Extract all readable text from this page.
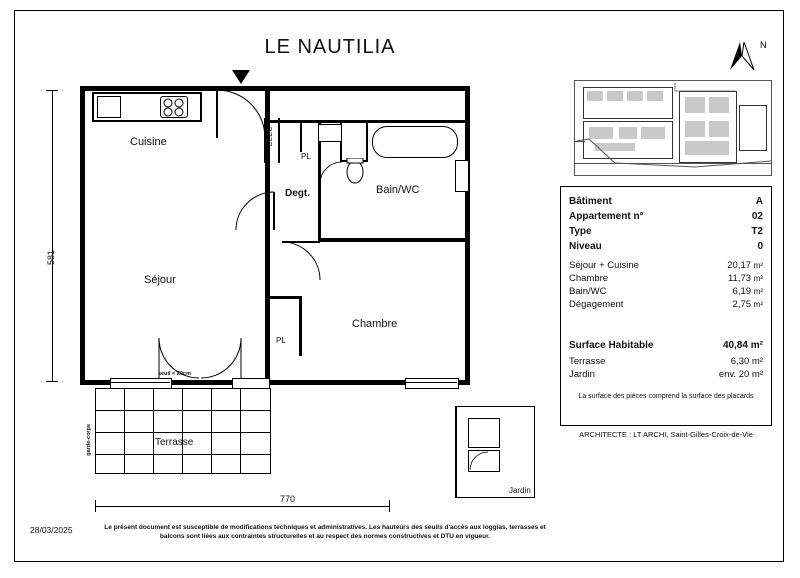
LE NAUTILIA	N
Bâtiment	A
Appartement n°	02
Type	T2
Niveau	0
Séjour + Cuisine	20,17 m²
Chambre	11,73 m²
Bain/WC	6,19 m²
Dégagement	2,75 m²
Surface Habitable	40,84 m²
Terrasse	6,30 m²
Jardin	env. 20 m²
La surface des pièces comprend la surface des placards
ARCHITECTE : LT ARCHI, Saint-Gilles-Croix-de-Vie
ELEC
PL
PL
seuil < 20cm
Terrasse
garde-corps
Jardin
Cuisine
Séjour
Degt.	Bain/WC
Chambre
581
770
28/03/2025	Le présent document est susceptible de modifications techniques et administratives. Les hauteurs des seuils d'accès aux loggias, terrasses et balcons sont liées aux contraintes structurelles et au respect des normes constructives et DTU en vigueur.
